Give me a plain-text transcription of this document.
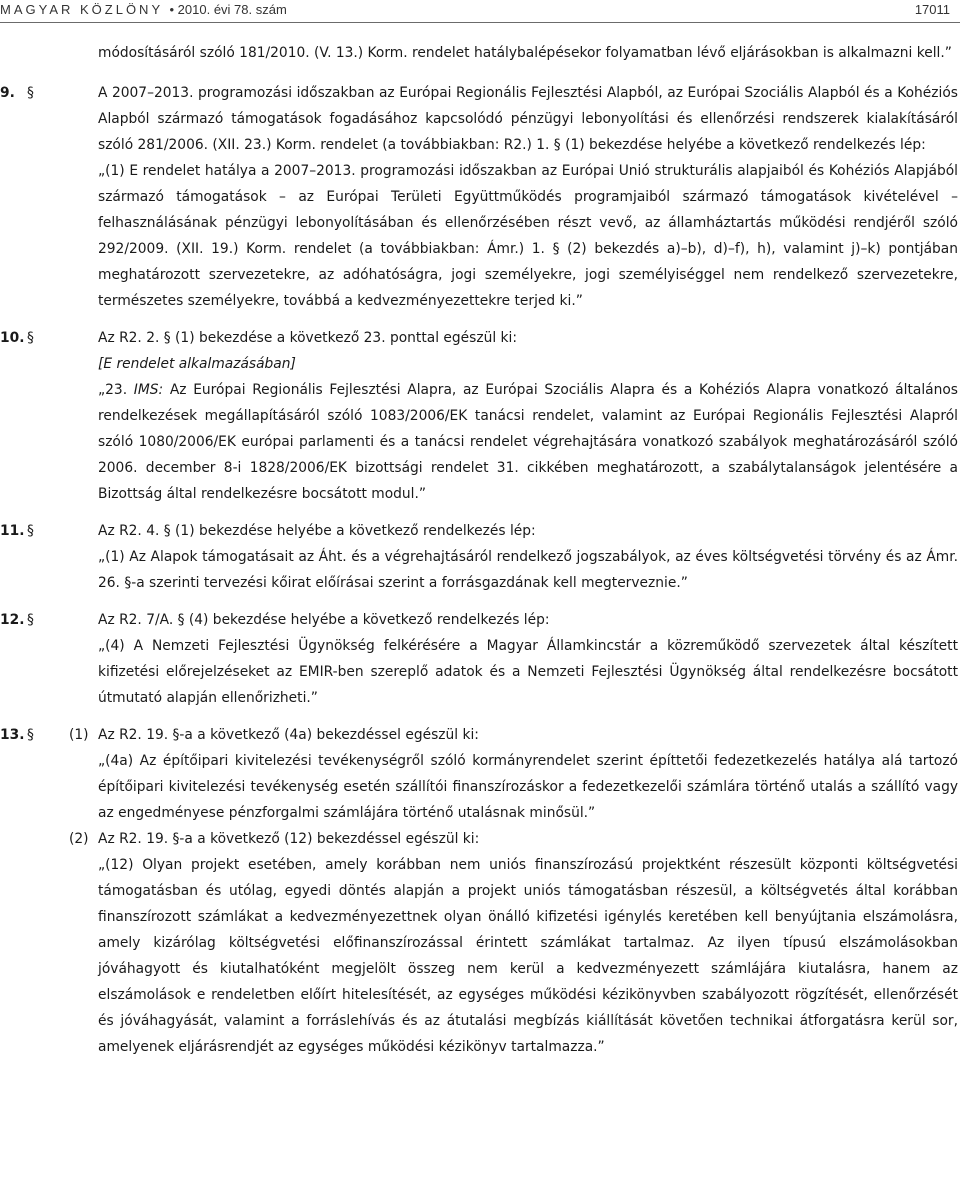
MAGYAR KÖZLÖNY • 2010. évi 78. szám	17011

módosításáról szóló 181/2010. (V. 13.) Korm. rendelet hatálybalépésekor folyamatban lévő eljárásokban is alkalmazni kell.”

9. §	A 2007–2013. programozási időszakban az Európai Regionális Fejlesztési Alapból, az Európai Szociális Alapból és a Kohéziós Alapból származó támogatások fogadásához kapcsolódó pénzügyi lebonyolítási és ellenőrzési rendszerek kialakításáról szóló 281/2006. (XII. 23.) Korm. rendelet (a továbbiakban: R2.) 1. § (1) bekezdése helyébe a következő rendelkezés lép:

„(1) E rendelet hatálya a 2007–2013. programozási időszakban az Európai Unió strukturális alapjaiból és Kohéziós Alapjából származó támogatások – az Európai Területi Együttműködés programjaiból származó támogatások kivételével – felhasználásának pénzügyi lebonyolításában és ellenőrzésében részt vevő, az államháztartás működési rendjéről szóló 292/2009. (XII. 19.) Korm. rendelet (a továbbiakban: Ámr.) 1. § (2) bekezdés a)–b), d)–f), h), valamint j)–k) pontjában meghatározott szervezetekre, az adóhatóságra, jogi személyekre, jogi személyiséggel nem rendelkező szervezetekre, természetes személyekre, továbbá a kedvezményezettekre terjed ki.”

10. §	Az R2. 2. § (1) bekezdése a következő 23. ponttal egészül ki:

[E rendelet alkalmazásában]

„23. IMS: Az Európai Regionális Fejlesztési Alapra, az Európai Szociális Alapra és a Kohéziós Alapra vonatkozó általános rendelkezések megállapításáról szóló 1083/2006/EK tanácsi rendelet, valamint az Európai Regionális Fejlesztési Alapról szóló 1080/2006/EK európai parlamenti és a tanácsi rendelet végrehajtására vonatkozó szabályok meghatározásáról szóló 2006. december 8-i 1828/2006/EK bizottsági rendelet 31. cikkében meghatározott, a szabálytalanságok jelentésére a Bizottság által rendelkezésre bocsátott modul.”

11. §	Az R2. 4. § (1) bekezdése helyébe a következő rendelkezés lép:

„(1) Az Alapok támogatásait az Áht. és a végrehajtásáról rendelkező jogszabályok, az éves költségvetési törvény és az Ámr. 26. §-a szerinti tervezési kőirat előírásai szerint a forrásgazdának kell megterveznie.”

12. §	Az R2. 7/A. § (4) bekezdése helyébe a következő rendelkezés lép:

„(4) A Nemzeti Fejlesztési Ügynökség felkérésére a Magyar Államkincstár a közreműködő szervezetek által készített kifizetési előrejelzéseket az EMIR-ben szereplő adatok és a Nemzeti Fejlesztési Ügynökség által rendelkezésre bocsátott útmutató alapján ellenőrizheti.”

13. §	(1) Az R2. 19. §-a a következő (4a) bekezdéssel egészül ki:

„(4a) Az építőipari kivitelezési tevékenységről szóló kormányrendelet szerint építtetői fedezetkezelés hatálya alá tartozó építőipari kivitelezési tevékenység esetén szállítói finanszírozáskor a fedezetkezelői számlára történő utalás a szállító vagy az engedményese pénzforgalmi számlájára történő utalásnak minősül.”

(2) Az R2. 19. §-a a következő (12) bekezdéssel egészül ki:

„(12) Olyan projekt esetében, amely korábban nem uniós finanszírozású projektként részesült központi költségvetési támogatásban és utólag, egyedi döntés alapján a projekt uniós támogatásban részesül, a költségvetés által korábban finanszírozott számlákat a kedvezményezettnek olyan önálló kifizetési igénylés keretében kell benyújtania elszámolásra, amely kizárólag költségvetési előfinanszírozással érintett számlákat tartalmaz. Az ilyen típusú elszámolásokban jóváhagyott és kiutalhatóként megjelölt összeg nem kerül a kedvezményezett számlájára kiutalásra, hanem az elszámolások e rendeletben előírt hitelesítését, az egységes működési kézikönyvben szabályozott rögzítését, ellenőrzését és jóváhagyását, valamint a forráslehívás és az átutalási megbízás kiállítását követően technikai átforgatásra kerül sor, amelyenek eljárásrendjét az egységes működési kézikönyv tartalmazza.”
